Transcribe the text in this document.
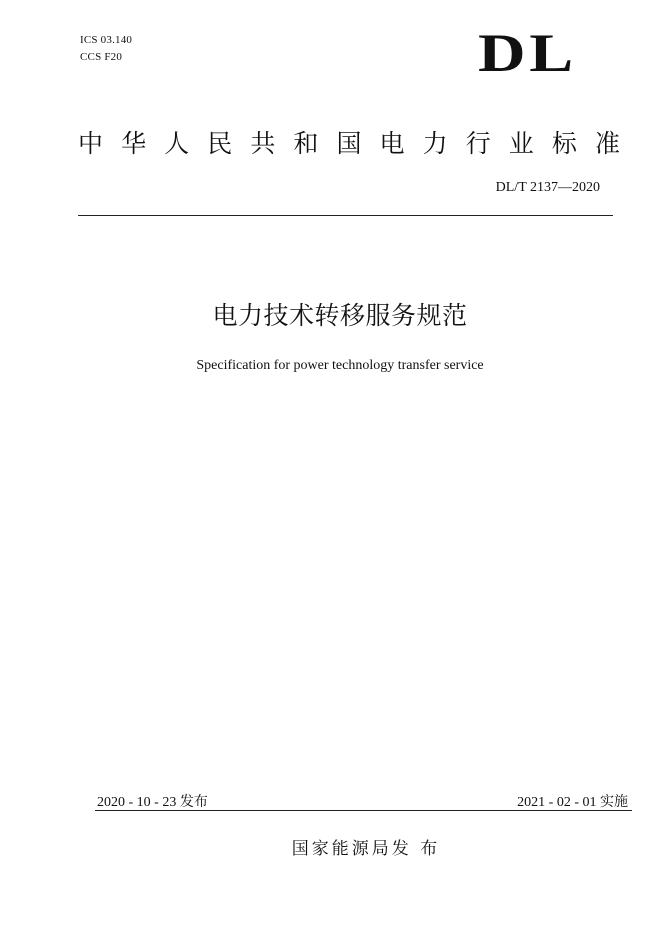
ICS 03.140
CCS F20	DL
中 华 人 民 共 和 国 电 力 行 业 标 准
DL/T 2137—2020
电力技术转移服务规范
Specification for power technology transfer service
2020 - 10 - 23 发布	2021 - 02 - 01 实施
国家能源局发 布
